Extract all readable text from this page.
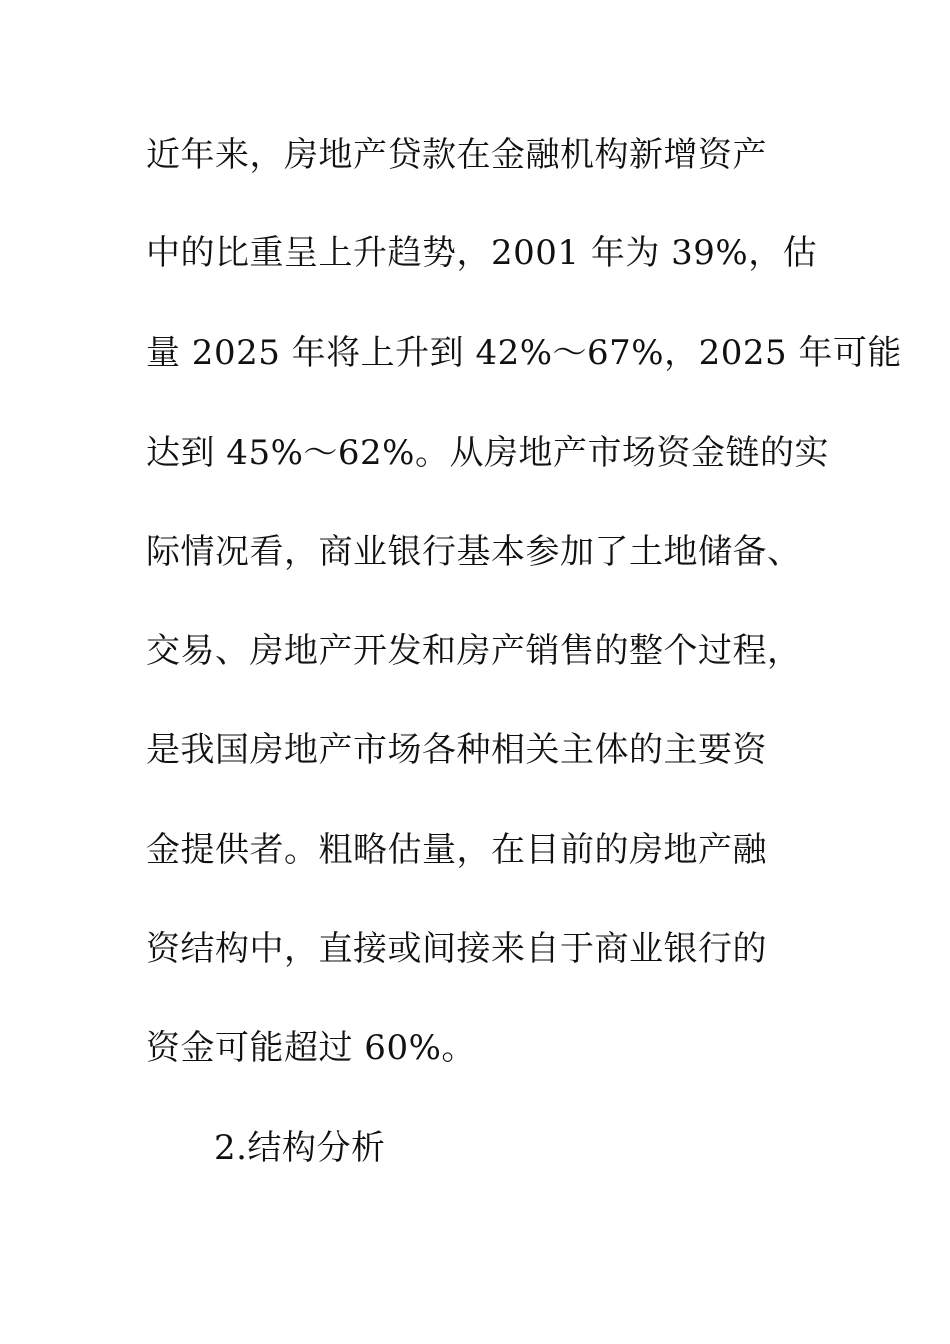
近年来，房地产贷款在金融机构新增资产
中的比重呈上升趋势，2001 年为 39%，估
量 2025 年将上升到 42%～67%，2025 年可能
达到 45%～62%。从房地产市场资金链的实
际情况看，商业银行基本参加了土地储备、
交易、房地产开发和房产销售的整个过程，
是我国房地产市场各种相关主体的主要资
金提供者。粗略估量，在目前的房地产融
资结构中，直接或间接来自于商业银行的
资金可能超过 60%。
2.结构分析
